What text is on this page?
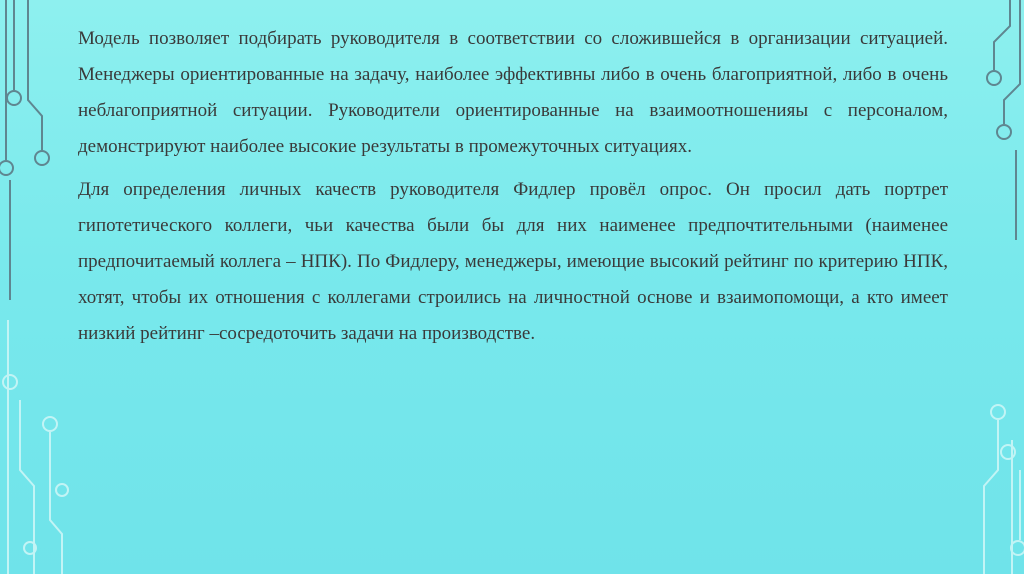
Модель позволяет подбирать руководителя в соответствии со сложившейся в организации ситуацией. Менеджеры ориентированные на задачу, наиболее эффективны либо в очень благоприятной, либо в очень неблагоприятной ситуации. Руководители ориентированные на взаимоотношенияы с персоналом, демонстрируют наиболее высокие результаты в промежуточных ситуациях.

Для определения личных качеств руководителя Фидлер провёл опрос. Он просил дать портрет гипотетического коллеги, чьи качества были бы для них наименее предпочтительными (наименее предпочитаемый коллега – НПК). По Фидлеру, менеджеры, имеющие высокий рейтинг по критерию НПК, хотят, чтобы их отношения с коллегами строились на личностной основе и взаимопомощи, а кто имеет низкий рейтинг –сосредоточить задачи на производстве.
